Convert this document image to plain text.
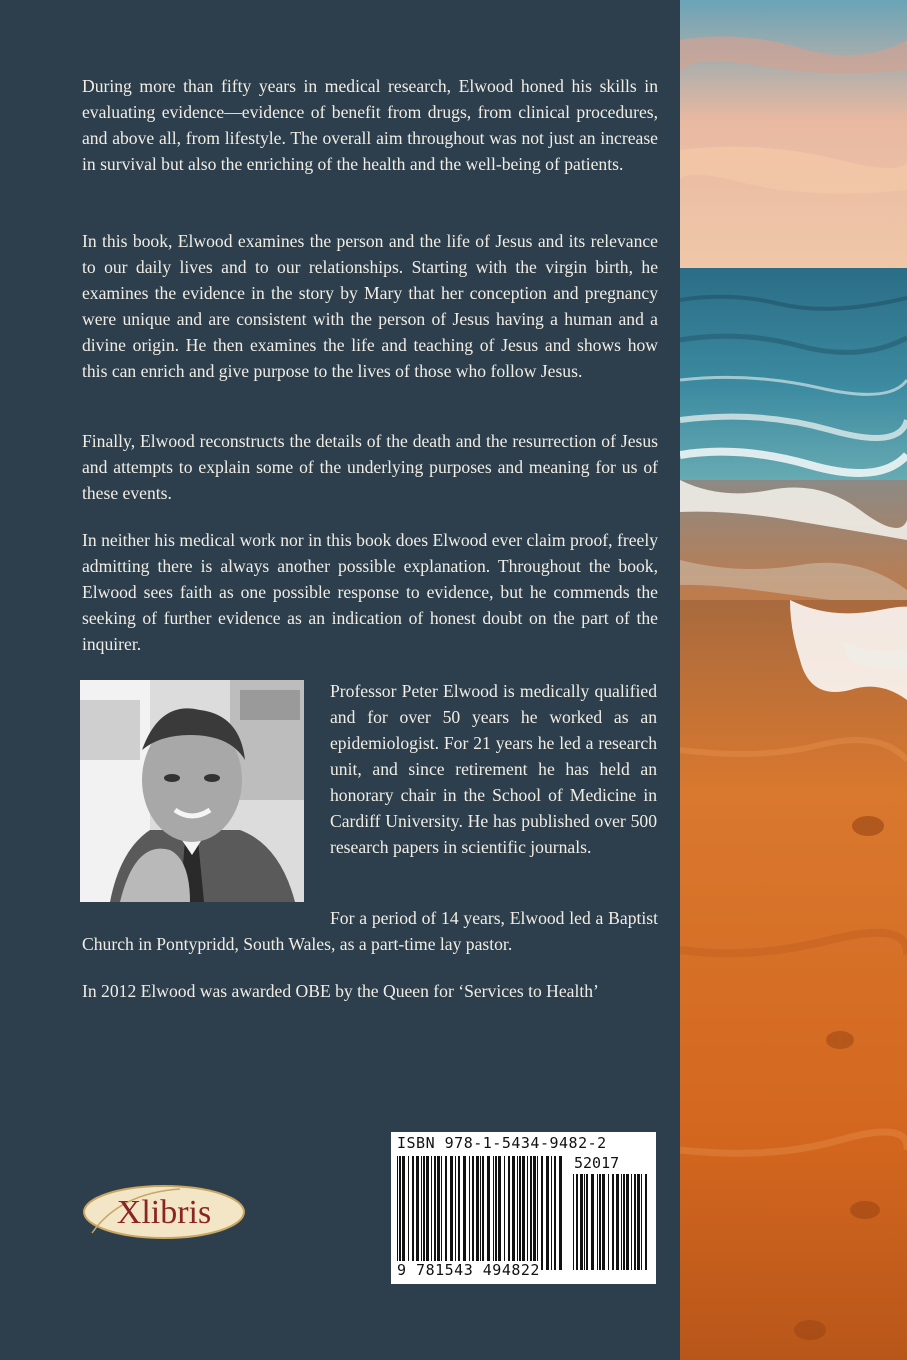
During more than fifty years in medical research, Elwood honed his skills in evaluating evidence—evidence of benefit from drugs, from clinical procedures, and above all, from lifestyle. The overall aim throughout was not just an increase in survival but also the enriching of the health and the well-being of patients.

In this book, Elwood examines the person and the life of Jesus and its relevance to our daily lives and to our relationships. Starting with the virgin birth, he examines the evidence in the story by Mary that her conception and pregnancy were unique and are consistent with the person of Jesus having a human and a divine origin. He then examines the life and teaching of Jesus and shows how this can enrich and give purpose to the lives of those who follow Jesus.

Finally, Elwood reconstructs the details of the death and the resurrection of Jesus and attempts to explain some of the underlying purposes and meaning for us of these events.

In neither his medical work nor in this book does Elwood ever claim proof, freely admitting there is always another possible explanation. Throughout the book, Elwood sees faith as one possible response to evidence, but he commends the seeking of further evidence as an indication of honest doubt on the part of the inquirer.

Professor Peter Elwood is medically qualified and for over 50 years he worked as an epidemiologist. For 21 years he led a research unit, and since retirement he has held an honorary chair in the School of Medicine in Cardiff University. He has published over 500 research papers in scientific journals.

For a period of 14 years, Elwood led a Baptist Church in Pontypridd, South Wales, as a part-time lay pastor.

In 2012 Elwood was awarded OBE by the Queen for ‘Services to Health’

Xlibris
ISBN 978-1-5434-9482-2
52017
9 781543 494822
